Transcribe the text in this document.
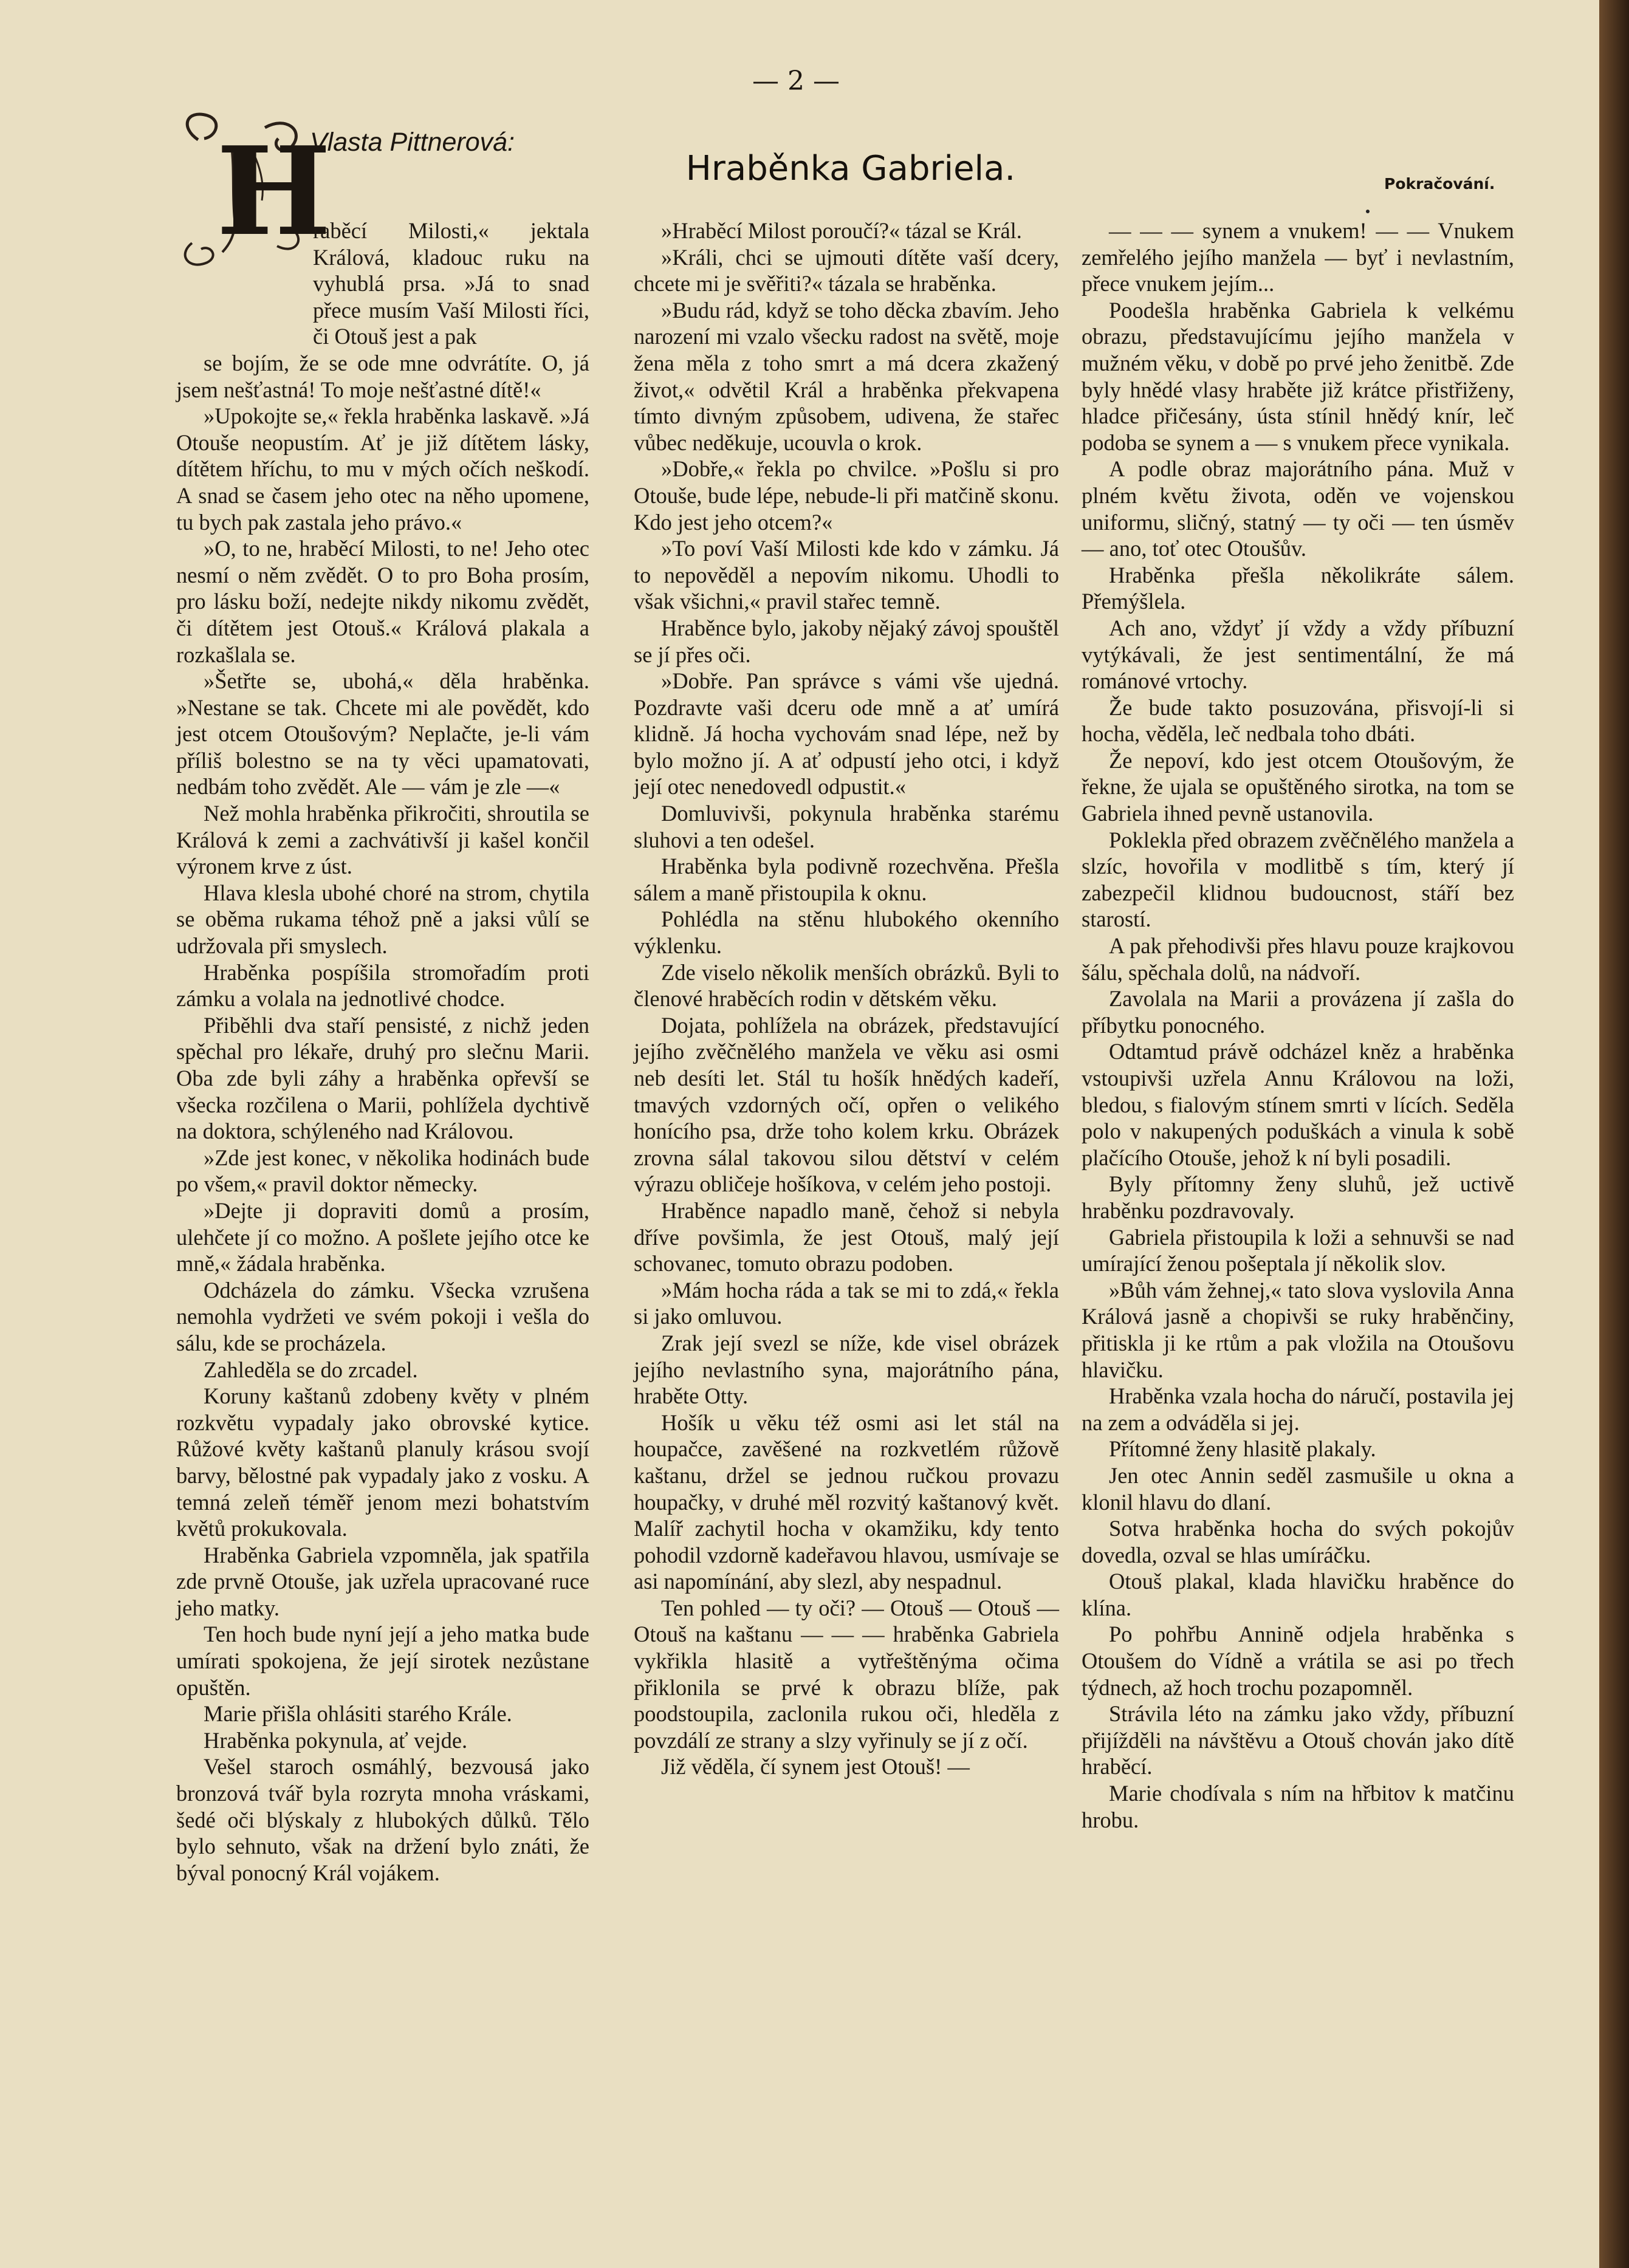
— 2 —
Vlasta Pittnerová:
Hraběnka Gabriela.	Pokračování.
H

raběcí Milosti,« jektala Králová, kladouc ruku na vyhublá prsa. »Já to snad přece musím Vaší Milosti říci, či Otouš jest a pak

se bojím, že se ode mne odvrátíte. O, já jsem nešťastná! To moje nešťastné dítě!«

»Upokojte se,« řekla hraběnka laskavě. »Já Otouše neopustím. Ať je již dítětem lásky, dítětem hříchu, to mu v mých očích neškodí. A snad se časem jeho otec na něho upomene, tu bych pak zastala jeho právo.«

»O, to ne, hraběcí Milosti, to ne! Jeho otec nesmí o něm zvědět. O to pro Boha prosím, pro lásku boží, nedejte nikdy nikomu zvědět, či dítětem jest Otouš.« Králová plakala a rozkašlala se.

»Šetřte se, ubohá,« děla hraběnka. »Nestane se tak. Chcete mi ale povědět, kdo jest otcem Otoušovým? Neplačte, je-li vám příliš bolestno se na ty věci upamatovati, nedbám toho zvědět. Ale — vám je zle —«

Než mohla hraběnka přikročiti, shroutila se Králová k zemi a zachvátivší ji kašel končil výronem krve z úst.

Hlava klesla ubohé choré na strom, chytila se oběma rukama téhož pně a jaksi vůlí se udržovala při smyslech.

Hraběnka pospíšila stromořadím proti zámku a volala na jednotlivé chodce.

Přiběhli dva staří pensisté, z nichž jeden spěchal pro lékaře, druhý pro slečnu Marii. Oba zde byli záhy a hraběnka opřevší se všecka rozčilena o Marii, pohlížela dychtivě na doktora, schýleného nad Královou.

»Zde jest konec, v několika hodinách bude po všem,« pravil doktor německy.

»Dejte ji dopraviti domů a prosím, ulehčete jí co možno. A pošlete jejího otce ke mně,« žádala hraběnka.

Odcházela do zámku. Všecka vzrušena nemohla vydržeti ve svém pokoji i vešla do sálu, kde se procházela.

Zahleděla se do zrcadel.

Koruny kaštanů zdobeny květy v plném rozkvětu vypadaly jako obrovské kytice. Růžové květy kaštanů planuly krásou svojí barvy, bělostné pak vypadaly jako z vosku. A temná zeleň téměř jenom mezi bohatstvím květů prokukovala.

Hraběnka Gabriela vzpomněla, jak spatřila zde prvně Otouše, jak uzřela upracované ruce jeho matky.

Ten hoch bude nyní její a jeho matka bude umírati spokojena, že její sirotek nezůstane opuštěn.

Marie přišla ohlásiti starého Krále.

Hraběnka pokynula, ať vejde.

Vešel staroch osmáhlý, bezvousá jako bronzová tvář byla rozryta mnoha vráskami, šedé oči blýskaly z hlubokých důlků. Tělo bylo sehnuto, však na držení bylo znáti, že býval ponocný Král vojákem.

»Hraběcí Milost poroučí?« tázal se Král.

»Králi, chci se ujmouti dítěte vaší dcery, chcete mi je svěřiti?« tázala se hraběnka.

»Budu rád, když se toho děcka zbavím. Jeho narození mi vzalo všecku radost na světě, moje žena měla z toho smrt a má dcera zkažený život,« odvětil Král a hraběnka překvapena tímto divným způsobem, udivena, že stařec vůbec neděkuje, ucouvla o krok.

»Dobře,« řekla po chvilce. »Pošlu si pro Otouše, bude lépe, nebude-li při matčině skonu. Kdo jest jeho otcem?«

»To poví Vaší Milosti kde kdo v zámku. Já to nepověděl a nepovím nikomu. Uhodli to však všichni,« pravil stařec temně.

Hraběnce bylo, jakoby nějaký závoj spouštěl se jí přes oči.

»Dobře. Pan správce s vámi vše ujedná. Pozdravte vaši dceru ode mně a ať umírá klidně. Já hocha vychovám snad lépe, než by bylo možno jí. A ať odpustí jeho otci, i když její otec nenedovedl odpustit.«

Domluvivši, pokynula hraběnka starému sluhovi a ten odešel.

Hraběnka byla podivně rozechvěna. Přešla sálem a maně přistoupila k oknu.

Pohlédla na stěnu hlubokého okenního výklenku.

Zde viselo několik menších obrázků. Byli to členové hraběcích rodin v dětském věku.

Dojata, pohlížela na obrázek, představující jejího zvěčnělého manžela ve věku asi osmi neb desíti let. Stál tu hošík hnědých kadeří, tmavých vzdorných očí, opřen o velikého honícího psa, drže toho kolem krku. Obrázek zrovna sálal takovou silou dětství v celém výrazu obličeje hošíkova, v celém jeho postoji.

Hraběnce napadlo maně, čehož si nebyla dříve povšimla, že jest Otouš, malý její schovanec, tomuto obrazu podoben.

»Mám hocha ráda a tak se mi to zdá,« řekla si jako omluvou.

Zrak její svezl se níže, kde visel obrázek jejího nevlastního syna, majorátního pána, hraběte Otty.

Hošík u věku též osmi asi let stál na houpačce, zavěšené na rozkvetlém růžově kaštanu, držel se jednou ručkou provazu houpačky, v druhé měl rozvitý kaštanový květ. Malíř zachytil hocha v okamžiku, kdy tento pohodil vzdorně kadeřavou hlavou, usmívaje se asi napomínání, aby slezl, aby nespadnul.

Ten pohled — ty oči? — Otouš — Otouš — Otouš na kaštanu — — — hraběnka Gabriela vykřikla hlasitě a vytřeštěnýma očima přiklonila se prvé k obrazu blíže, pak poodstoupila, zaclonila rukou oči, hleděla z povzdálí ze strany a slzy vyřinuly se jí z očí.

Již věděla, čí synem jest Otouš! —

— — — synem a vnukem! — — Vnukem zemřelého jejího manžela — byť i nevlastním, přece vnukem jejím...

Poodešla hraběnka Gabriela k velkému obrazu, představujícímu jejího manžela v mužném věku, v době po prvé jeho ženitbě. Zde byly hnědé vlasy hraběte již krátce přistřiženy, hladce přičesány, ústa stínil hnědý knír, leč podoba se synem a — s vnukem přece vynikala.

A podle obraz majorátního pána. Muž v plném květu života, oděn ve vojenskou uniformu, sličný, statný — ty oči — ten úsměv — ano, toť otec Otoušův.

Hraběnka přešla několikráte sálem. Přemýšlela.

Ach ano, vždyť jí vždy a vždy příbuzní vytýkávali, že jest sentimentální, že má románové vrtochy.

Že bude takto posuzována, přisvojí-li si hocha, věděla, leč nedbala toho dbáti.

Že nepoví, kdo jest otcem Otoušovým, že řekne, že ujala se opuštěného sirotka, na tom se Gabriela ihned pevně ustanovila.

Poklekla před obrazem zvěčnělého manžela a slzíc, hovořila v modlitbě s tím, který jí zabezpečil klidnou budoucnost, stáří bez starostí.

A pak přehodivši přes hlavu pouze krajkovou šálu, spěchala dolů, na nádvoří.

Zavolala na Marii a provázena jí zašla do příbytku ponocného.

Odtamtud právě odcházel kněz a hraběnka vstoupivši uzřela Annu Královou na loži, bledou, s fialovým stínem smrti v lících. Seděla polo v nakupených poduškách a vinula k sobě plačícího Otouše, jehož k ní byli posadili.

Byly přítomny ženy sluhů, jež uctivě hraběnku pozdravovaly.

Gabriela přistoupila k loži a sehnuvši se nad umírající ženou pošeptala jí několik slov.

»Bůh vám žehnej,« tato slova vyslovila Anna Králová jasně a chopivši se ruky hraběnčiny, přitiskla ji ke rtům a pak vložila na Otoušovu hlavičku.

Hraběnka vzala hocha do náručí, postavila jej na zem a odváděla si jej.

Přítomné ženy hlasitě plakaly.

Jen otec Annin seděl zasmušile u okna a klonil hlavu do dlaní.

Sotva hraběnka hocha do svých pokojův dovedla, ozval se hlas umíráčku.

Otouš plakal, klada hlavičku hraběnce do klína.

Po pohřbu Annině odjela hraběnka s Otoušem do Vídně a vrátila se asi po třech týdnech, až hoch trochu pozapomněl.

Strávila léto na zámku jako vždy, příbuzní přijížděli na návštěvu a Otouš chován jako dítě hraběcí.

Marie chodívala s ním na hřbitov k matčinu hrobu.
